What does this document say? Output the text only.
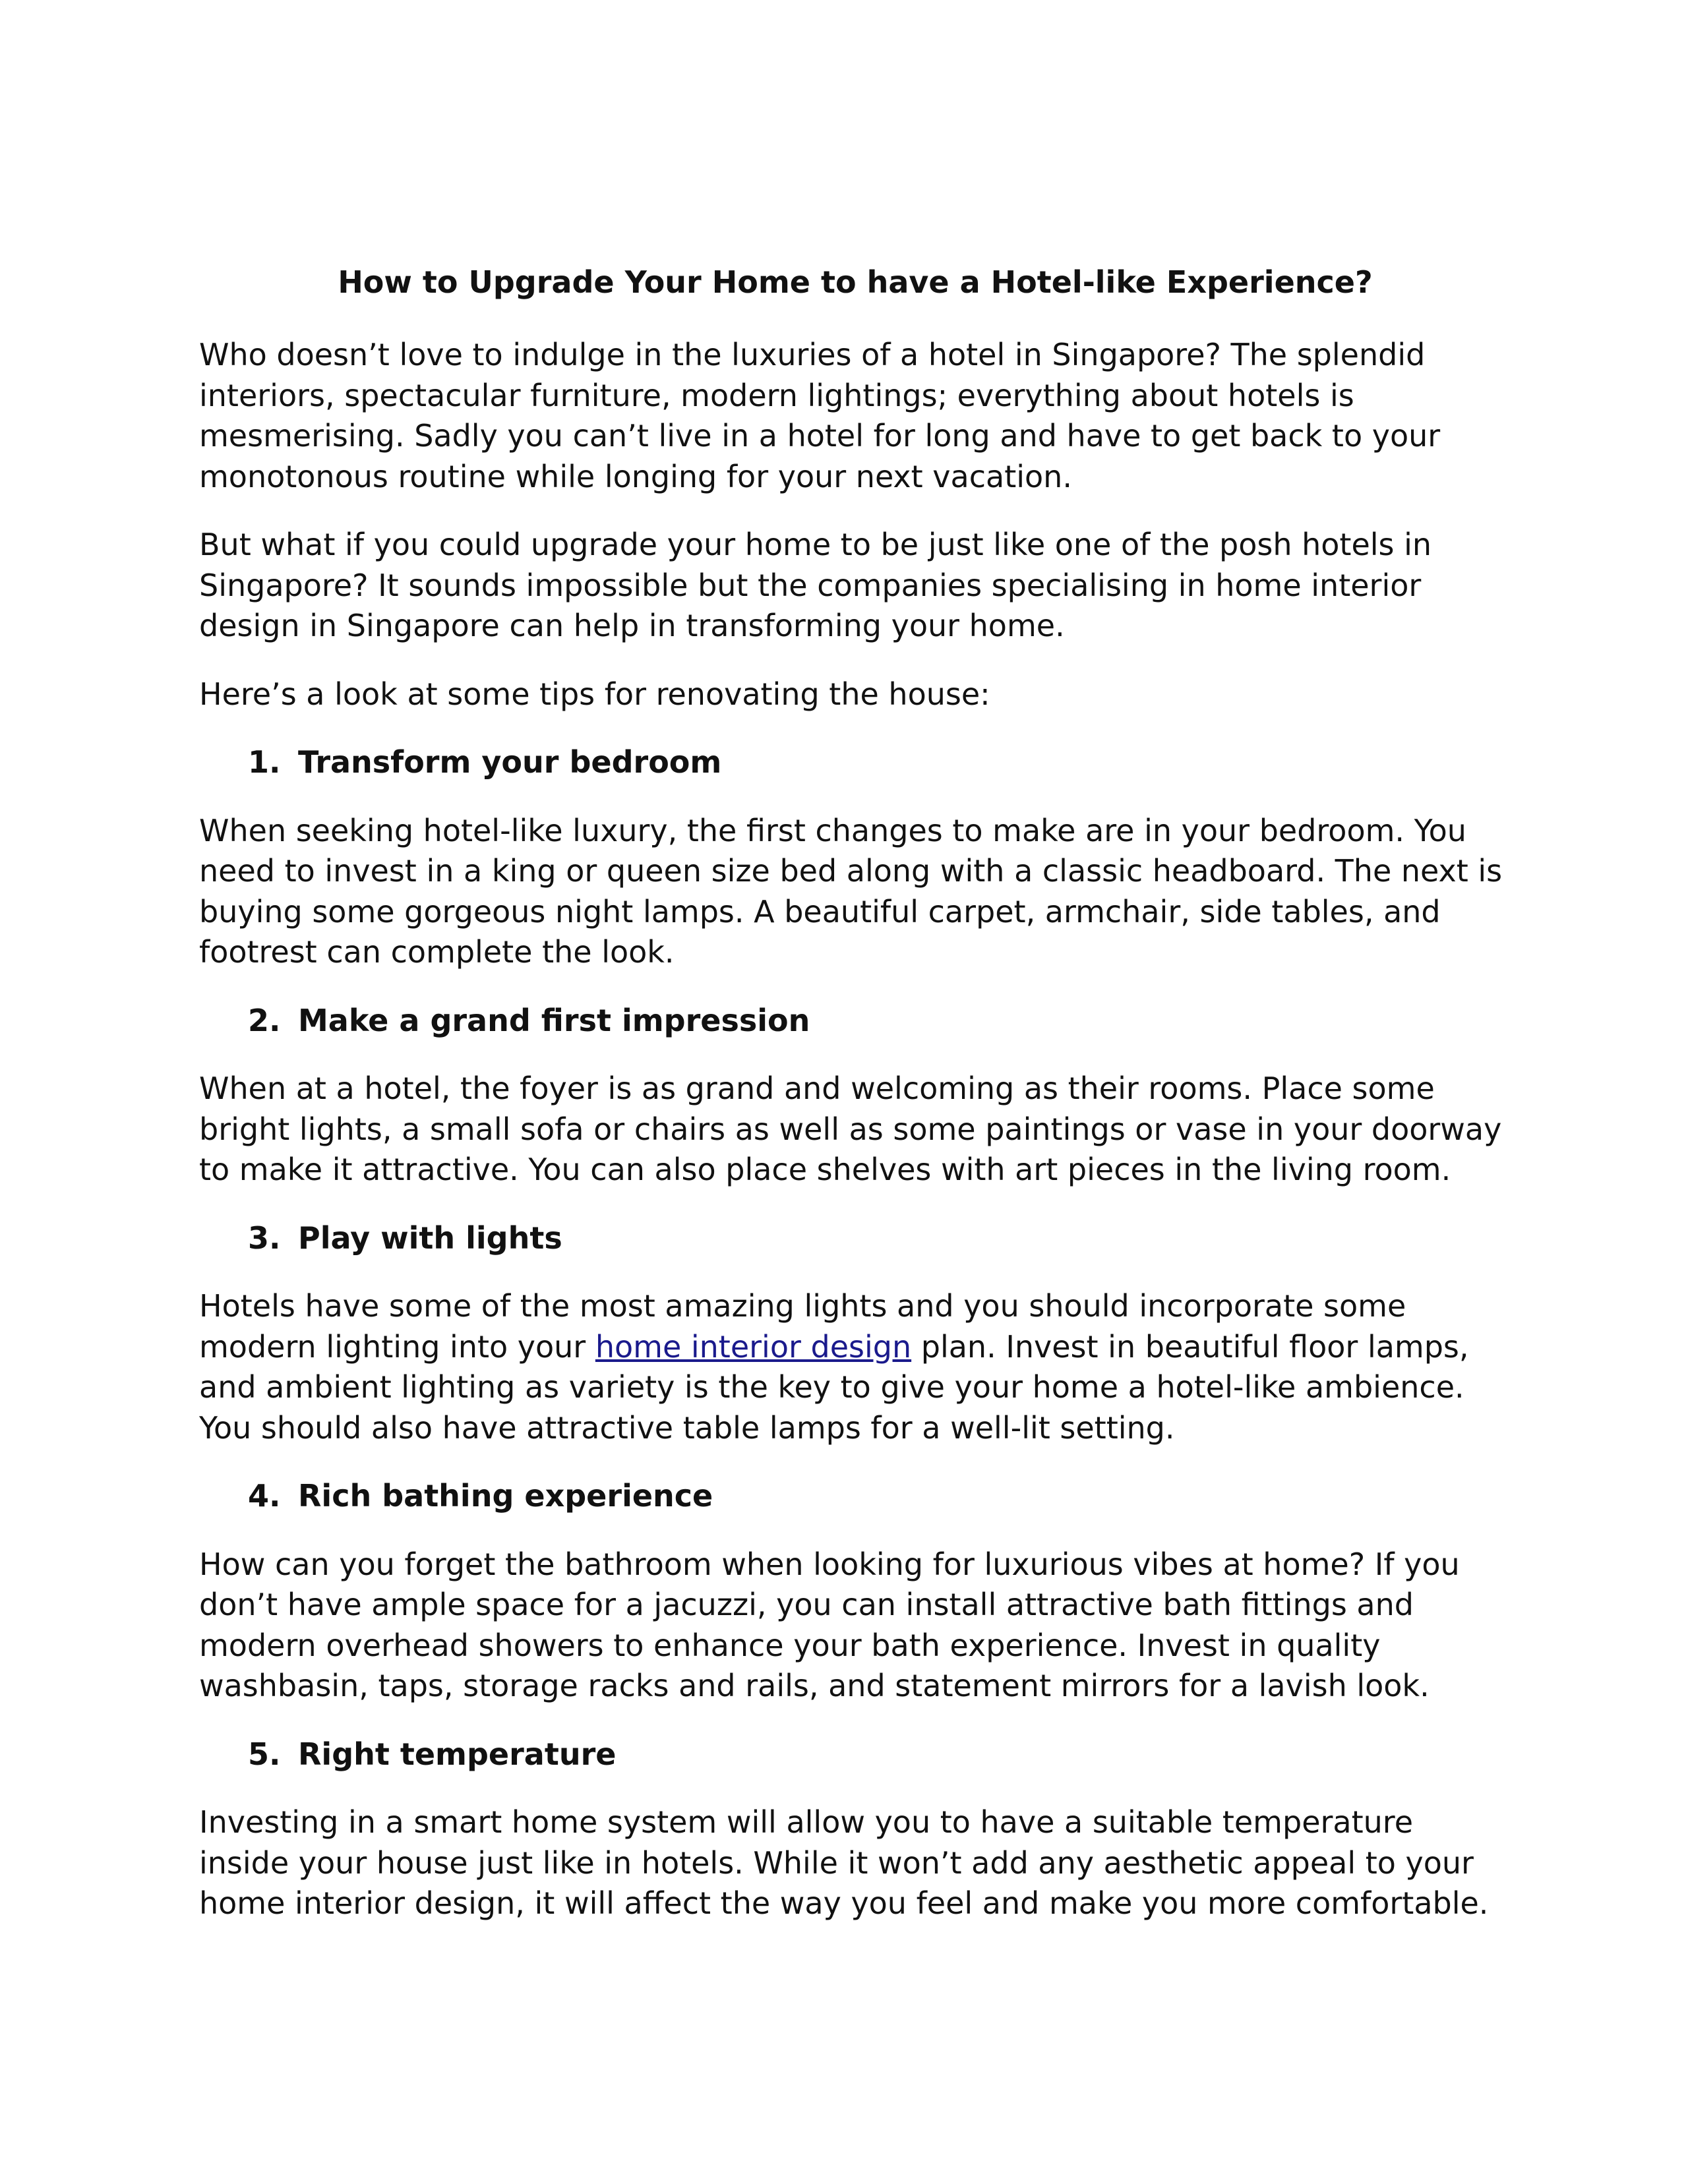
How to Upgrade Your Home to have a Hotel-like Experience?

Who doesn’t love to indulge in the luxuries of a hotel in Singapore? The splendid interiors, spectacular furniture, modern lightings; everything about hotels is mesmerising. Sadly you can’t live in a hotel for long and have to get back to your monotonous routine while longing for your next vacation.

But what if you could upgrade your home to be just like one of the posh hotels in Singapore? It sounds impossible but the companies specialising in home interior design in Singapore can help in transforming your home.

Here’s a look at some tips for renovating the house:

1. Transform your bedroom

When seeking hotel-like luxury, the first changes to make are in your bedroom. You need to invest in a king or queen size bed along with a classic headboard. The next is buying some gorgeous night lamps. A beautiful carpet, armchair, side tables, and footrest can complete the look.

2. Make a grand first impression

When at a hotel, the foyer is as grand and welcoming as their rooms. Place some bright lights, a small sofa or chairs as well as some paintings or vase in your doorway to make it attractive. You can also place shelves with art pieces in the living room.

3. Play with lights

Hotels have some of the most amazing lights and you should incorporate some modern lighting into your home interior design plan. Invest in beautiful floor lamps, and ambient lighting as variety is the key to give your home a hotel-like ambience. You should also have attractive table lamps for a well-lit setting.

4. Rich bathing experience

How can you forget the bathroom when looking for luxurious vibes at home? If you don’t have ample space for a jacuzzi, you can install attractive bath fittings and modern overhead showers to enhance your bath experience. Invest in quality washbasin, taps, storage racks and rails, and statement mirrors for a lavish look.

5. Right temperature

Investing in a smart home system will allow you to have a suitable temperature inside your house just like in hotels. While it won’t add any aesthetic appeal to your home interior design, it will affect the way you feel and make you more comfortable.
